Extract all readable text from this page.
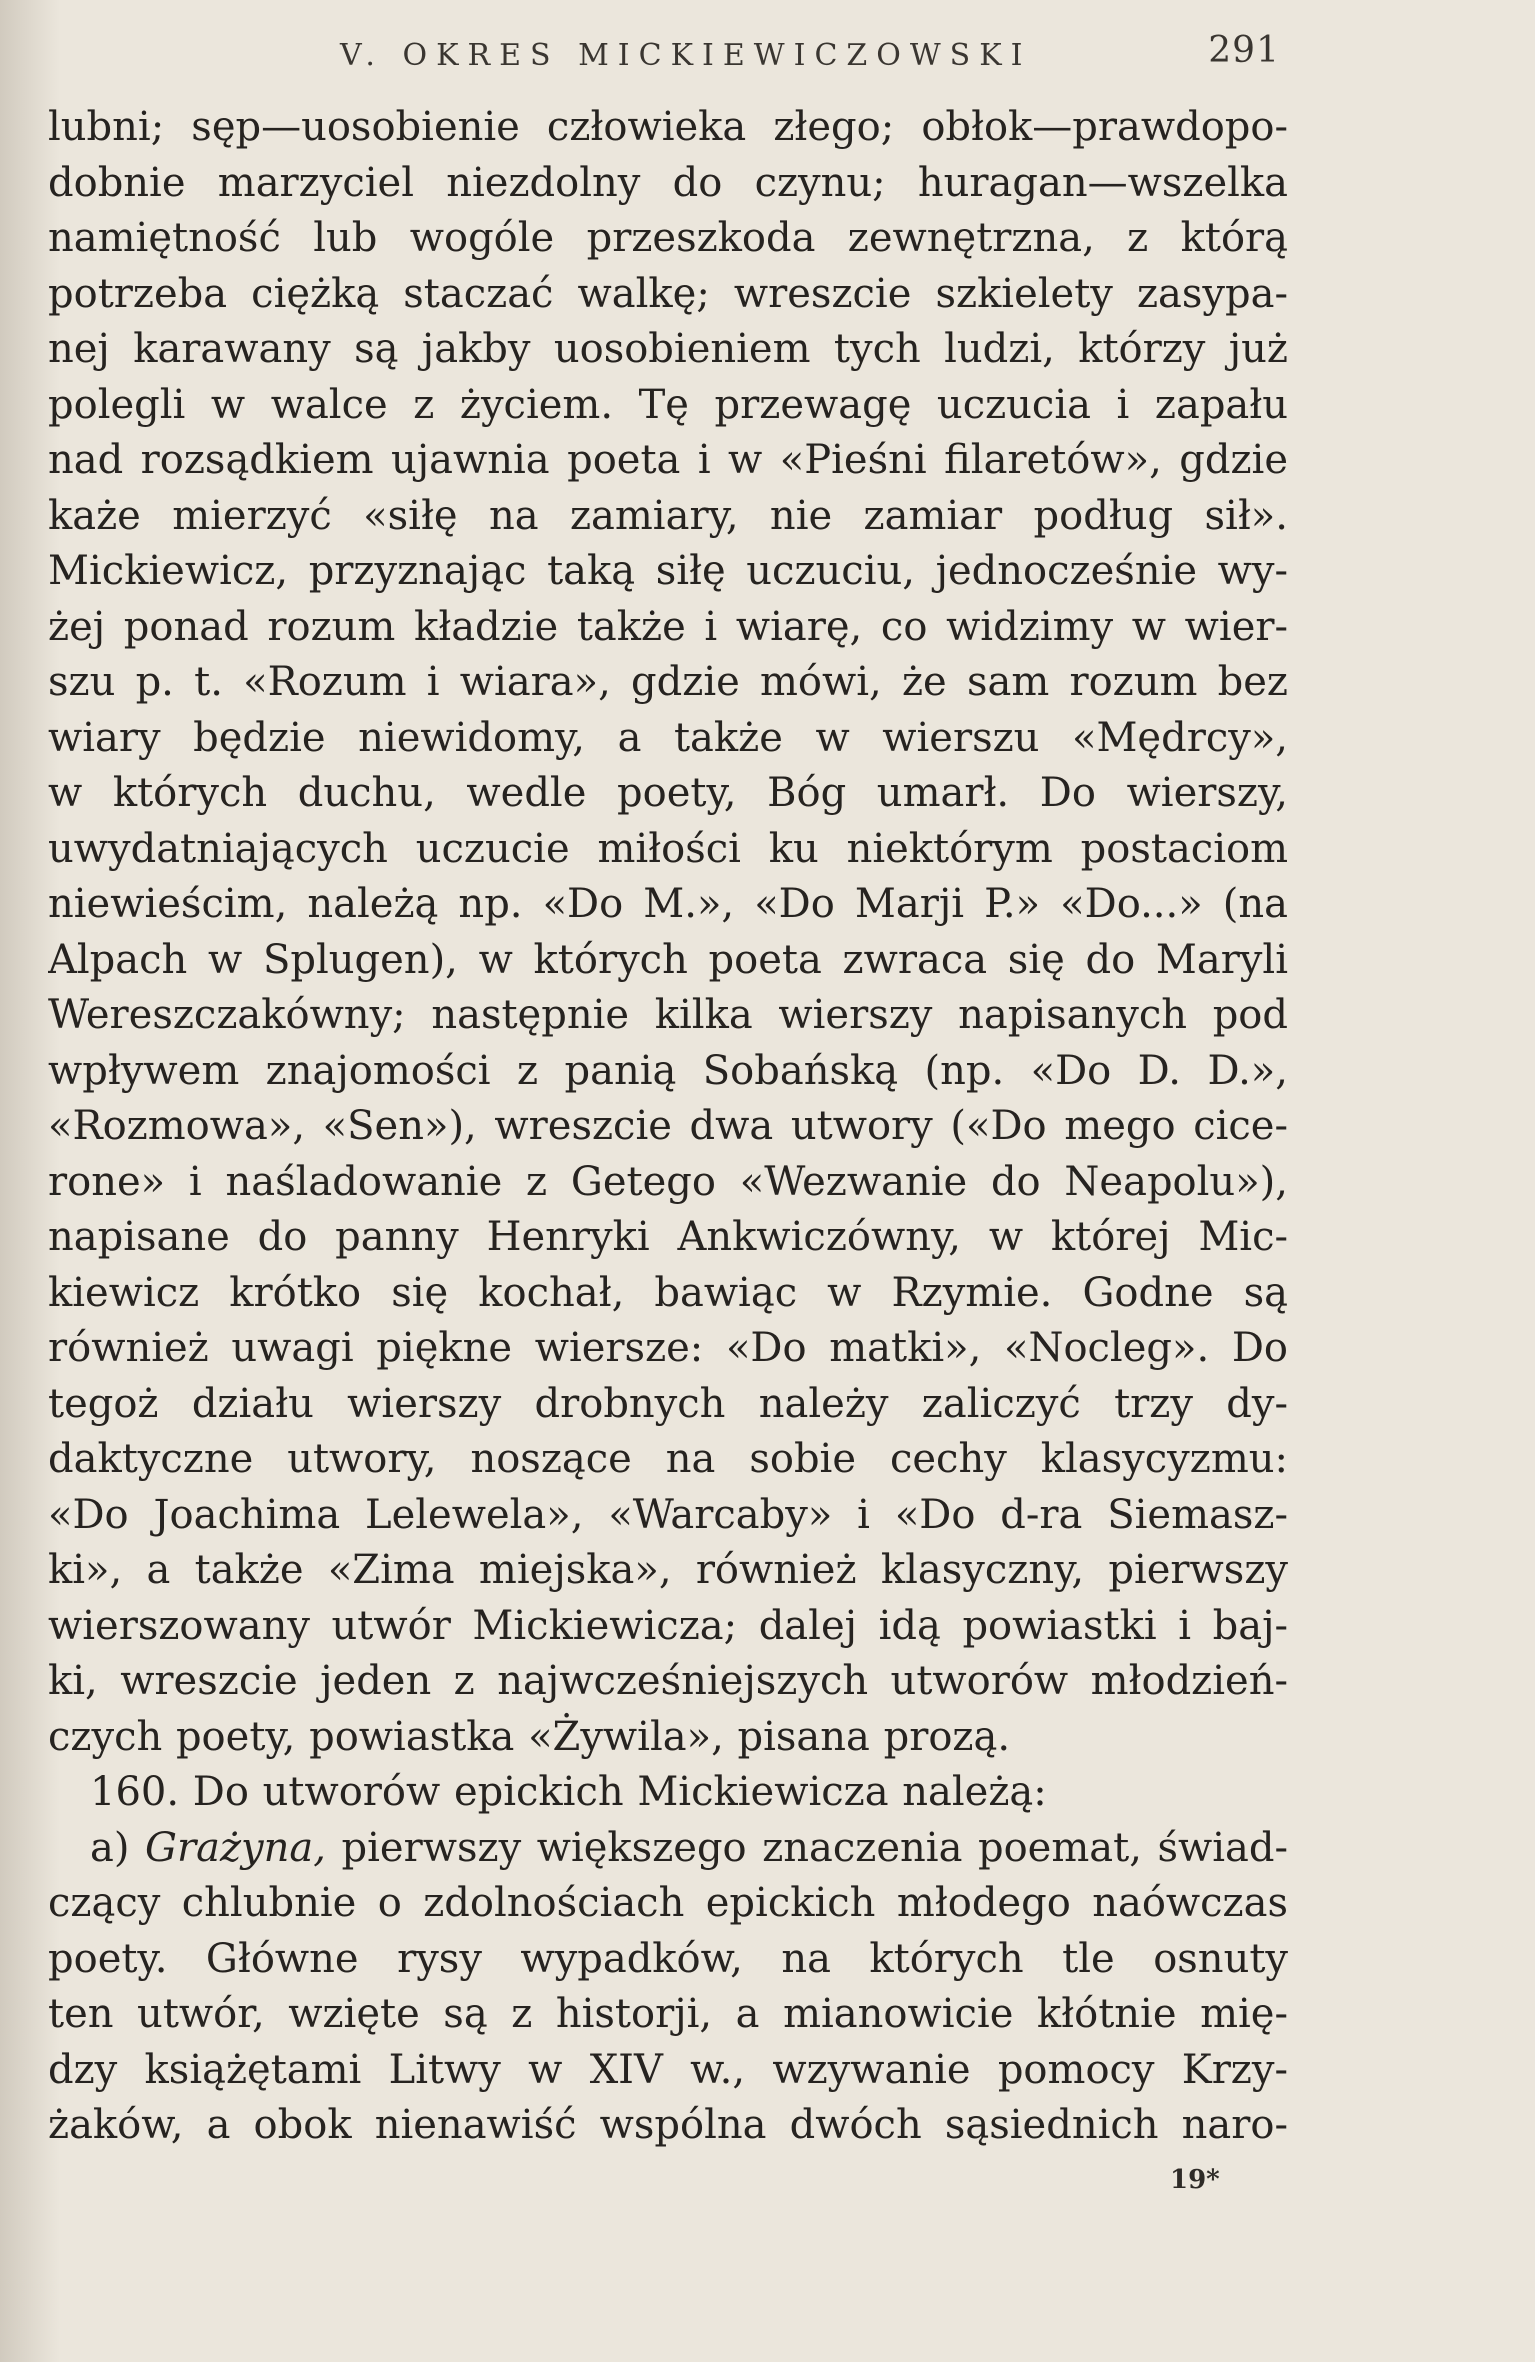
V. OKRES MICKIEWICZOWSKI	291
lubni; sęp—uosobienie człowieka złego; obłok—prawdopo-
dobnie marzyciel niezdolny do czynu; huragan—wszelka
namiętność lub wogóle przeszkoda zewnętrzna, z którą
potrzeba ciężką staczać walkę; wreszcie szkielety zasypa-
nej karawany są jakby uosobieniem tych ludzi, którzy już
polegli w walce z życiem. Tę przewagę uczucia i zapału
nad rozsądkiem ujawnia poeta i w «Pieśni filaretów», gdzie
każe mierzyć «siłę na zamiary, nie zamiar podług sił».
Mickiewicz, przyznając taką siłę uczuciu, jednocześnie wy-
żej ponad rozum kładzie także i wiarę, co widzimy w wier-
szu p. t. «Rozum i wiara», gdzie mówi, że sam rozum bez
wiary będzie niewidomy, a także w wierszu «Mędrcy»,
w których duchu, wedle poety, Bóg umarł. Do wierszy,
uwydatniających uczucie miłości ku niektórym postaciom
niewieścim, należą np. «Do M.», «Do Marji P.» «Do...» (na
Alpach w Splugen), w których poeta zwraca się do Maryli
Wereszczakówny; następnie kilka wierszy napisanych pod
wpływem znajomości z panią Sobańską (np. «Do D. D.»,
«Rozmowa», «Sen»), wreszcie dwa utwory («Do mego cice-
rone» i naśladowanie z Getego «Wezwanie do Neapolu»),
napisane do panny Henryki Ankwiczówny, w której Mic-
kiewicz krótko się kochał, bawiąc w Rzymie. Godne są
również uwagi piękne wiersze: «Do matki», «Nocleg». Do
tegoż działu wierszy drobnych należy zaliczyć trzy dy-
daktyczne utwory, noszące na sobie cechy klasycyzmu:
«Do Joachima Lelewela», «Warcaby» i «Do d-ra Siemasz-
ki», a także «Zima miejska», również klasyczny, pierwszy
wierszowany utwór Mickiewicza; dalej idą powiastki i baj-
ki, wreszcie jeden z najwcześniejszych utworów młodzień-
czych poety, powiastka «Żywila», pisana prozą.
160. Do utworów epickich Mickiewicza należą:
a) Grażyna, pierwszy większego znaczenia poemat, świad-
czący chlubnie o zdolnościach epickich młodego naówczas
poety. Główne rysy wypadków, na których tle osnuty
ten utwór, wzięte są z historji, a mianowicie kłótnie mię-
dzy książętami Litwy w XIV w., wzywanie pomocy Krzy-
żaków, a obok nienawiść wspólna dwóch sąsiednich naro-
19*
